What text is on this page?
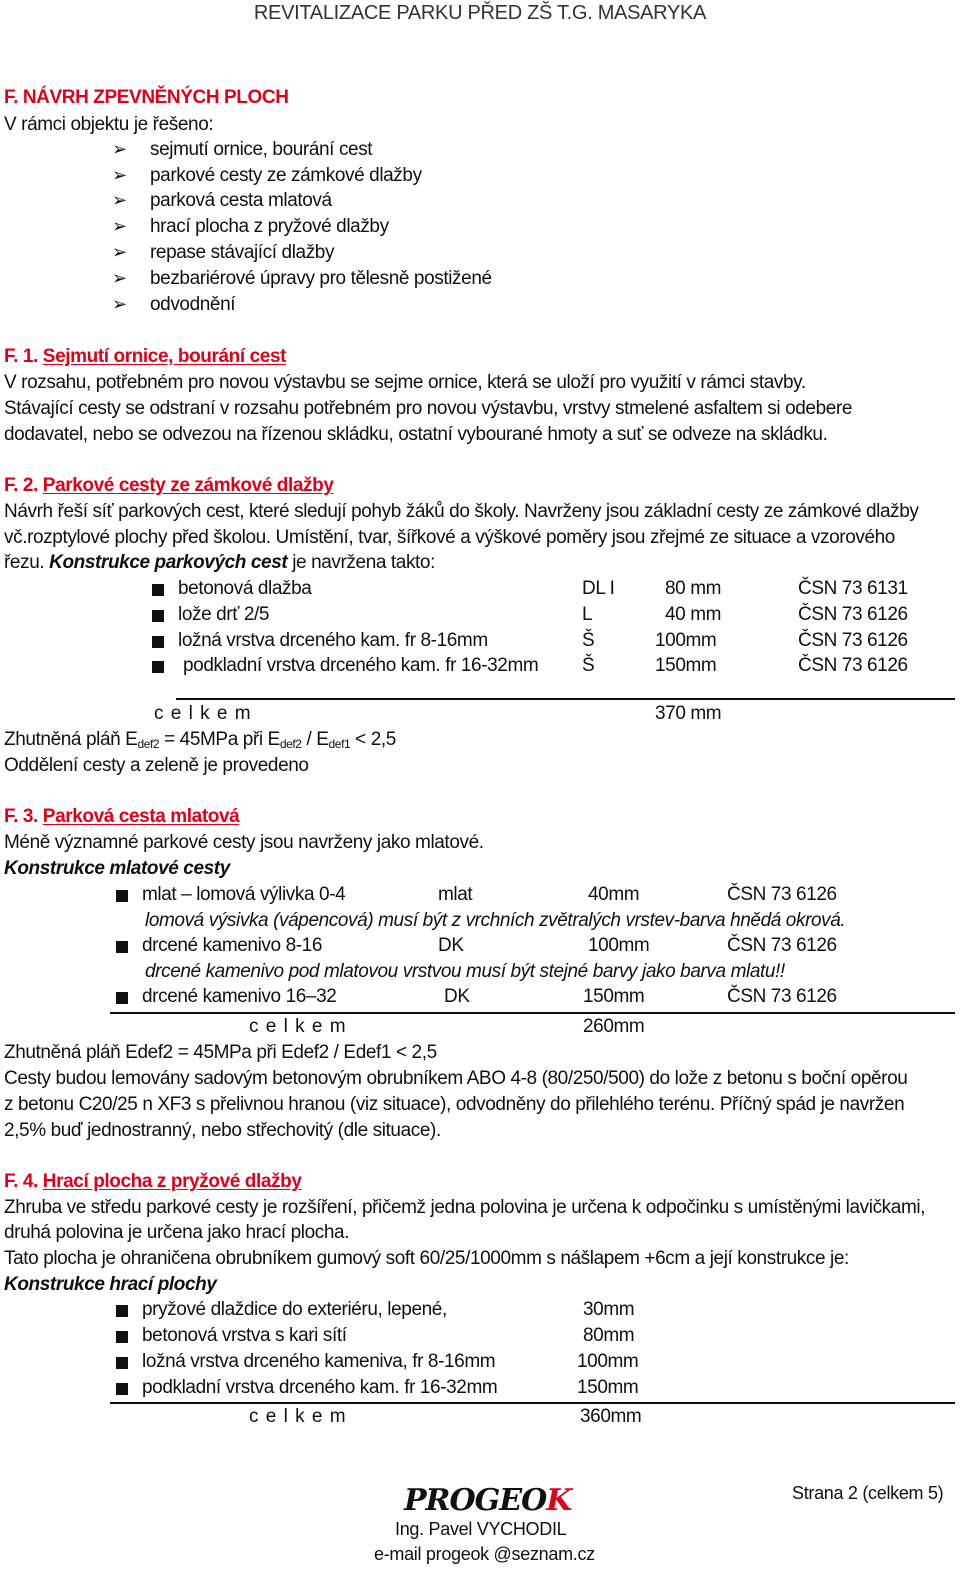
REVITALIZACE PARKU PŘED ZŠ T.G. MASARYKA
F. NÁVRH ZPEVNĚNÝCH PLOCH
V rámci objektu je řešeno:
➢ sejmutí ornice, bourání cest
➢ parkové cesty ze zámkové dlažby
➢ parková cesta mlatová
➢ hrací plocha z pryžové dlažby
➢ repase stávající dlažby
➢ bezbariérové úpravy pro tělesně postižené
➢ odvodnění
F. 1. Sejmutí ornice, bourání cest
V rozsahu, potřebném pro novou výstavbu se sejme ornice, která se uloží pro využití v rámci stavby.
Stávající cesty se odstraní v rozsahu potřebném pro novou výstavbu, vrstvy stmelené asfaltem si odebere
dodavatel, nebo se odvezou na řízenou skládku, ostatní vybourané hmoty a suť se odveze na skládku.
F. 2. Parkové cesty ze zámkové dlažby
Návrh řeší síť parkových cest, které sledují pohyb žáků do školy. Navrženy jsou základní cesty ze zámkové dlažby
vč.rozptylové plochy před školou. Umístění, tvar, šířkové a výškové poměry jsou zřejmé ze situace a vzorového
řezu. Konstrukce parkových cest je navržena takto:
betonová dlažba	DL I	80 mm	ČSN 73 6131
lože drť 2/5	L	40 mm	ČSN 73 6126
ložná vrstva drceného kam. fr 8-16mm	Š	100mm	ČSN 73 6126
podkladní vrstva drceného kam. fr 16-32mm Š	150mm	ČSN 73 6126
c e l k e m	370 mm
Zhutněná pláň $E_{def2} = 45MPa$ při $E_{def2} / E_{def1} < 2,5$
Oddělení cesty a zeleně je provedeno
F. 3. Parková cesta mlatová
Méně významné parkové cesty jsou navrženy jako mlatové.
Konstrukce mlatové cesty
mlat – lomová výlivka 0-4	mlat	40mm	ČSN 73 6126
lomová výsivka (vápencová) musí být z vrchních zvětralých vrstev-barva hnědá okrová.
drcené kamenivo 8-16	DK	100mm	ČSN 73 6126
drcené kamenivo pod mlatovou vrstvou musí být stejné barvy jako barva mlatu!!
drcené kamenivo 16–32	DK	150mm	ČSN 73 6126
c e l k e m	260mm
Zhutněná pláň Edef2 = 45MPa při Edef2 / Edef1 < 2,5
Cesty budou lemovány sadovým betonovým obrubníkem ABO 4-8 (80/250/500) do lože z betonu s boční opěrou
z betonu C20/25 n XF3 s přelivnou hranou (viz situace), odvodněny do přilehlého terénu. Příčný spád je navržen
2,5% buď jednostranný, nebo střechovitý (dle situace).
F. 4. Hrací plocha z pryžové dlažby
Zhruba ve středu parkové cesty je rozšíření, přičemž jedna polovina je určena k odpočinku s umístěnými lavičkami,
druhá polovina je určena jako hrací plocha.
Tato plocha je ohraničena obrubníkem gumový soft 60/25/1000mm s nášlapem +6cm a její konstrukce je:
Konstrukce hrací plochy
pryžové dlaždice do exteriéru, lepené,	30mm
betonová vrstva s kari sítí	80mm
ložná vrstva drceného kameniva, fr 8-16mm	100mm
podkladní vrstva drceného kam. fr 16-32mm	150mm
c e l k e m	360mm
PROGEOK
Ing. Pavel VYCHODIL
e-mail progeok @seznam.cz
Strana 2 (celkem 5)
